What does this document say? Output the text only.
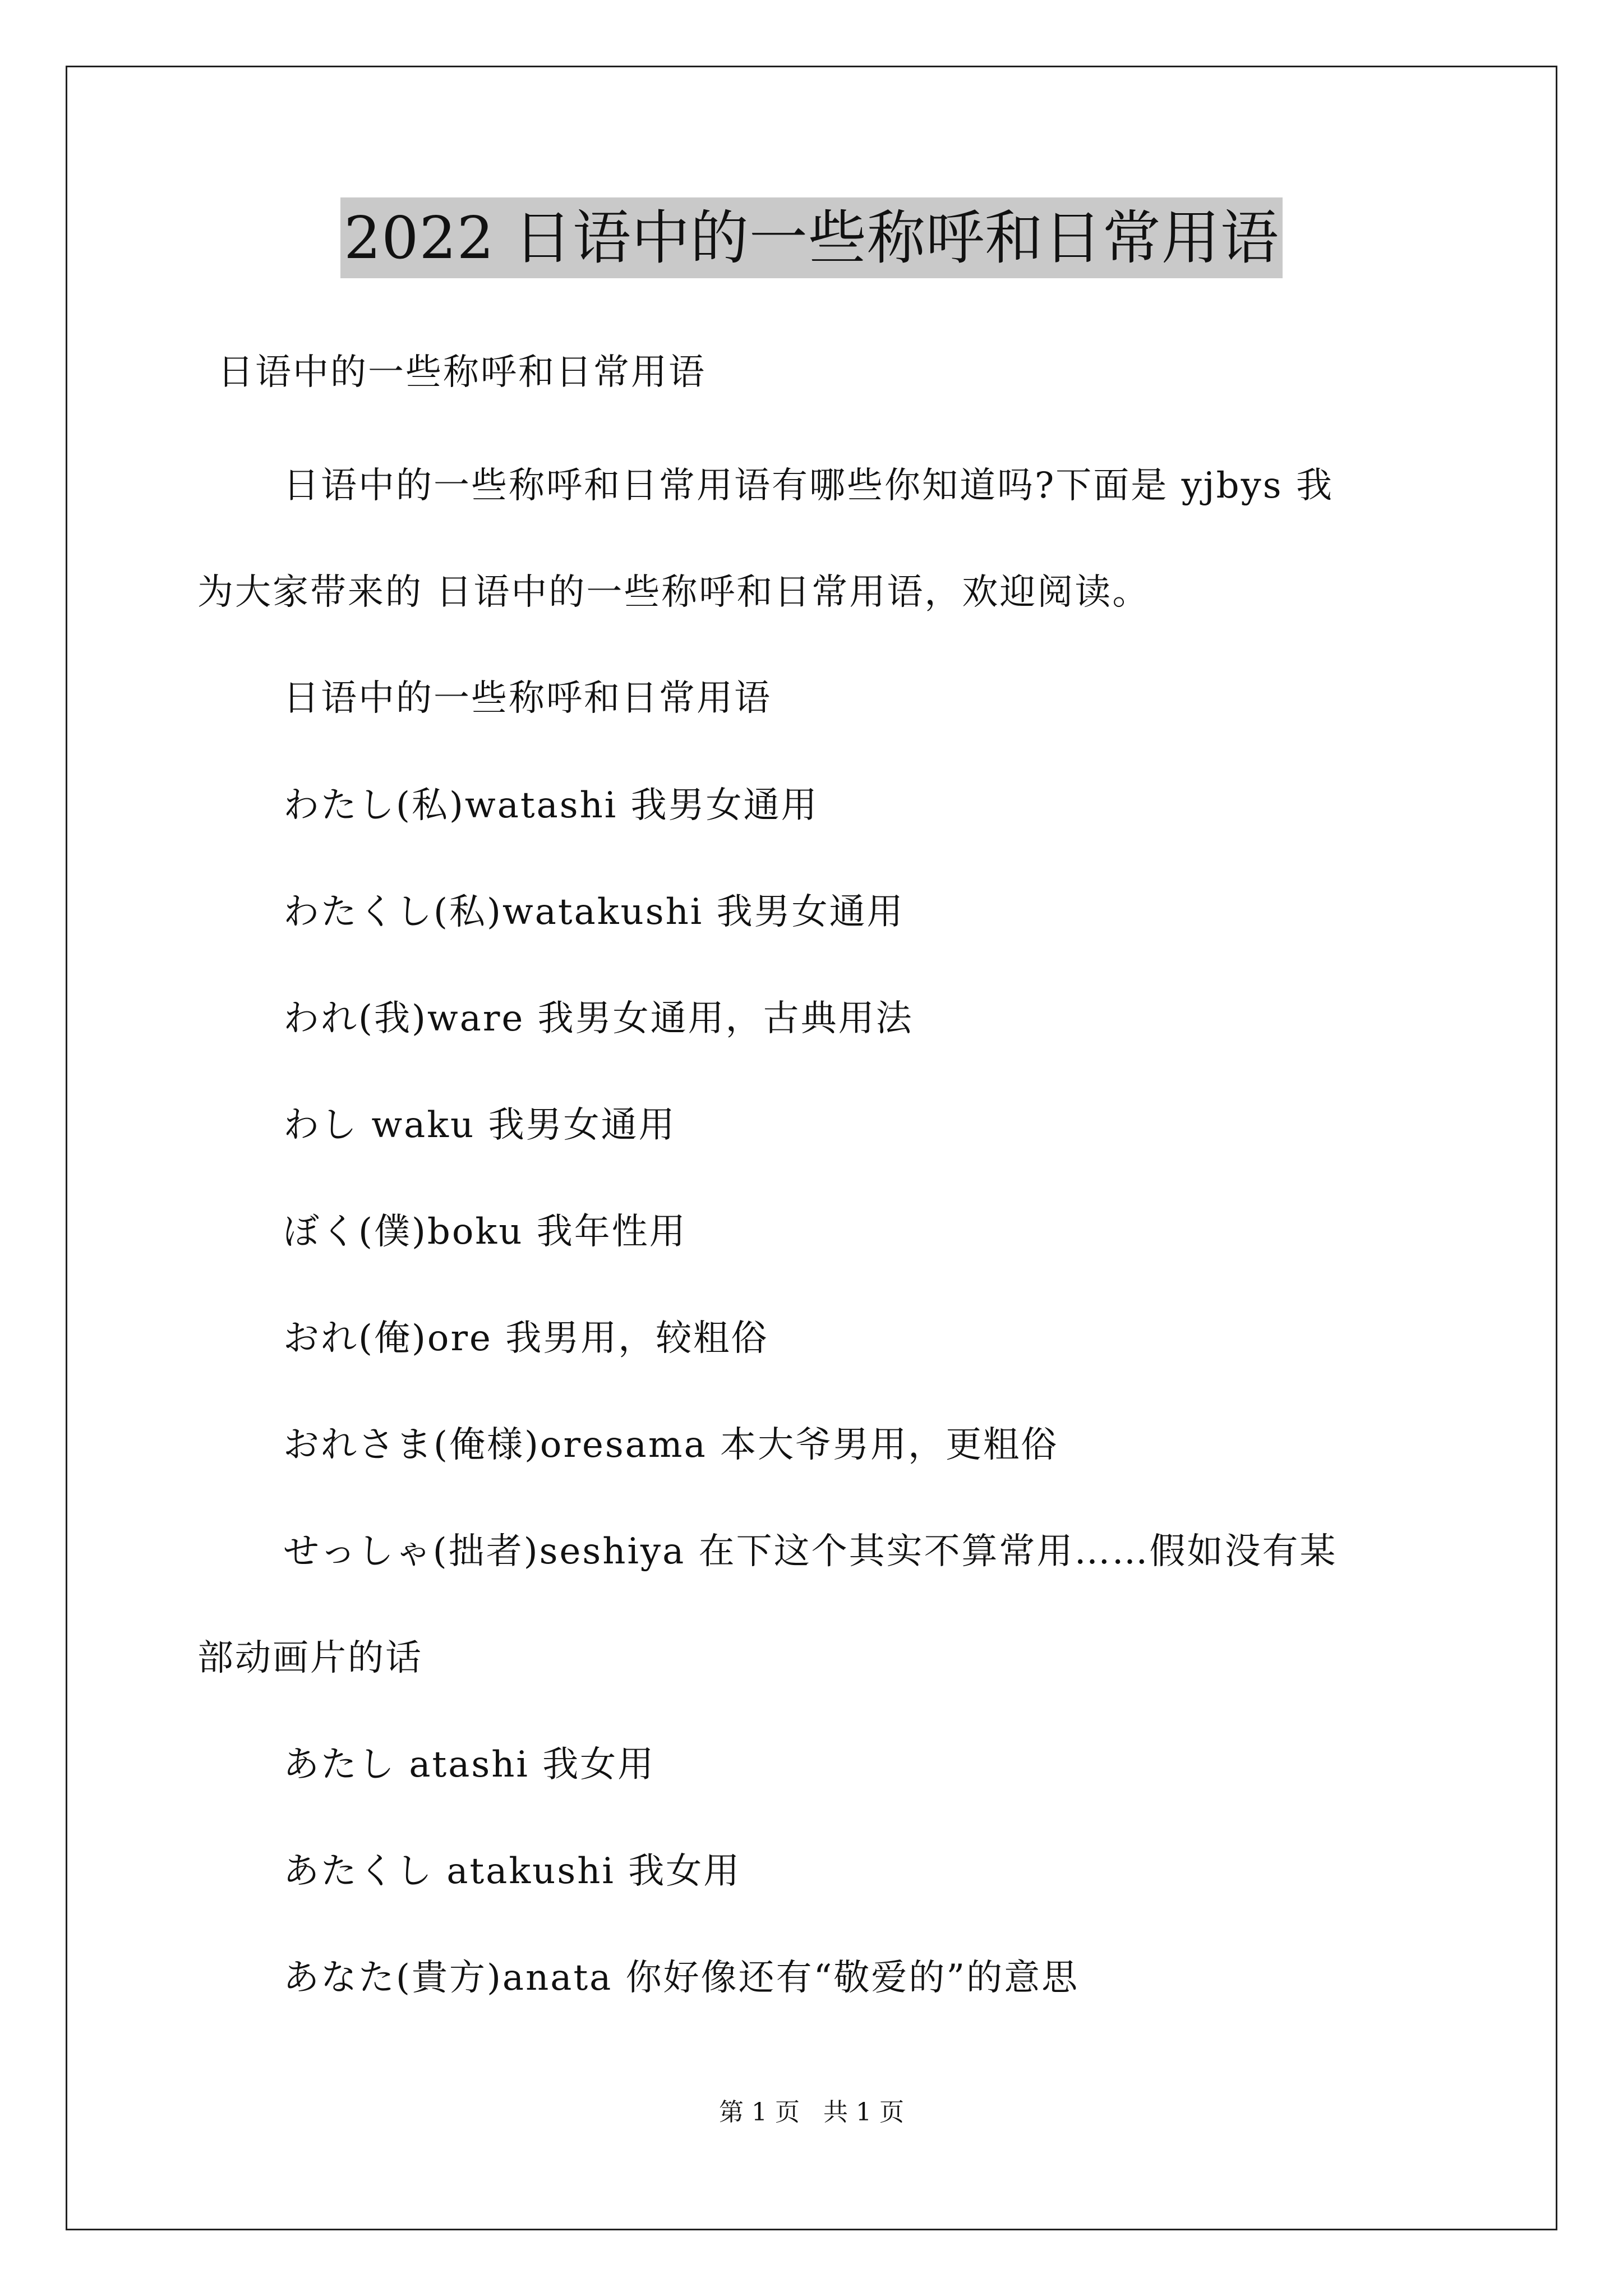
2022 日语中的一些称呼和日常用语
日语中的一些称呼和日常用语
日语中的一些称呼和日常用语有哪些你知道吗?下面是 yjbys 我
为大家带来的 日语中的一些称呼和日常用语，欢迎阅读。
日语中的一些称呼和日常用语
わたし(私)watashi 我男女通用
わたくし(私)watakushi 我男女通用
われ(我)ware 我男女通用，古典用法
わし waku 我男女通用
ぼく(僕)boku 我年性用
おれ(俺)ore 我男用，较粗俗
おれさま(俺様)oresama 本大爷男用，更粗俗
せっしゃ(拙者)seshiya 在下这个其实不算常用……假如没有某
部动画片的话
あたし atashi 我女用
あたくし atakushi 我女用
あなた(貴方)anata 你好像还有“敬爱的”的意思
第 1 页 共 1 页
